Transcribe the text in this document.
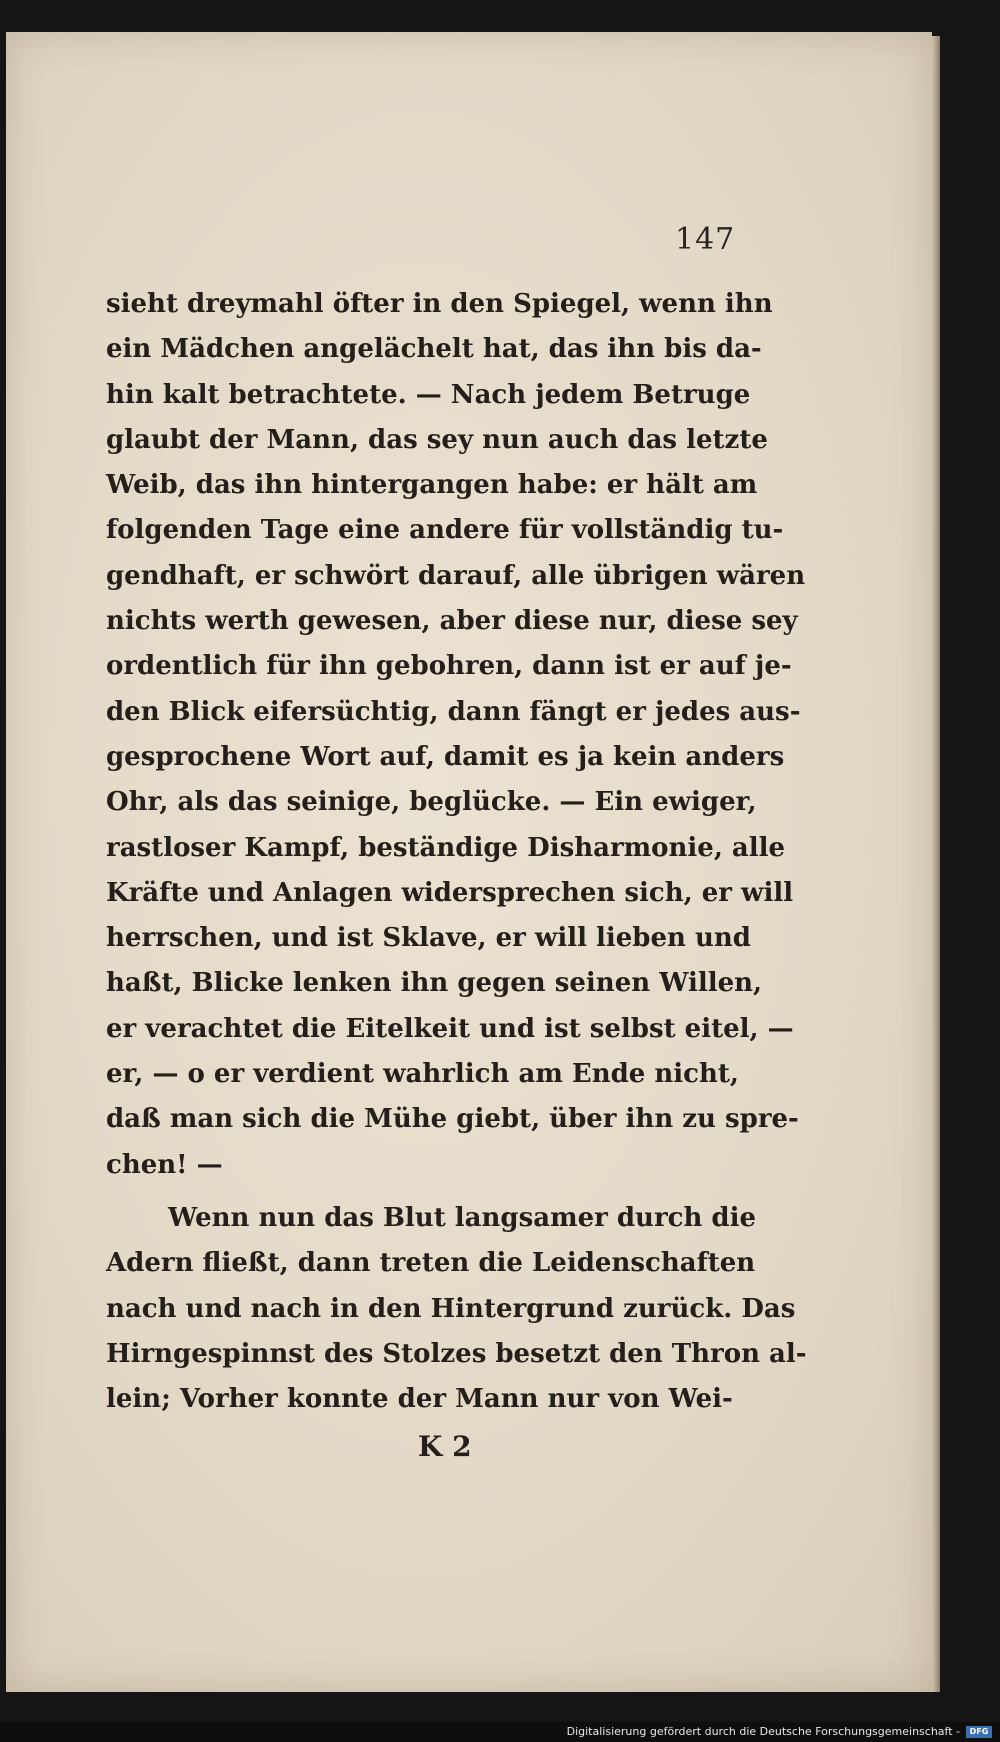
147
sieht dreymahl öfter in den Spiegel, wenn ihn
ein Mädchen angelächelt hat, das ihn bis da-
hin kalt betrachtete. — Nach jedem Betruge
glaubt der Mann, das sey nun auch das letzte
Weib, das ihn hintergangen habe: er hält am
folgenden Tage eine andere für vollständig tu-
gendhaft, er schwört darauf, alle übrigen wären
nichts werth gewesen, aber diese nur, diese sey
ordentlich für ihn gebohren, dann ist er auf je-
den Blick eifersüchtig, dann fängt er jedes aus-
gesprochene Wort auf, damit es ja kein anders
Ohr, als das seinige, beglücke. — Ein ewiger,
rastloser Kampf, beständige Disharmonie, alle
Kräfte und Anlagen widersprechen sich, er will
herrschen, und ist Sklave, er will lieben und
haßt, Blicke lenken ihn gegen seinen Willen,
er verachtet die Eitelkeit und ist selbst eitel, —
er, — o er verdient wahrlich am Ende nicht,
daß man sich die Mühe giebt, über ihn zu spre-
chen! —
Wenn nun das Blut langsamer durch die
Adern fließt, dann treten die Leidenschaften
nach und nach in den Hintergrund zurück. Das
Hirngespinnst des Stolzes besetzt den Thron al-
lein; Vorher konnte der Mann nur von Wei-
K 2
Digitalisierung gefördert durch die Deutsche Forschungsgemeinschaft -	DFG
